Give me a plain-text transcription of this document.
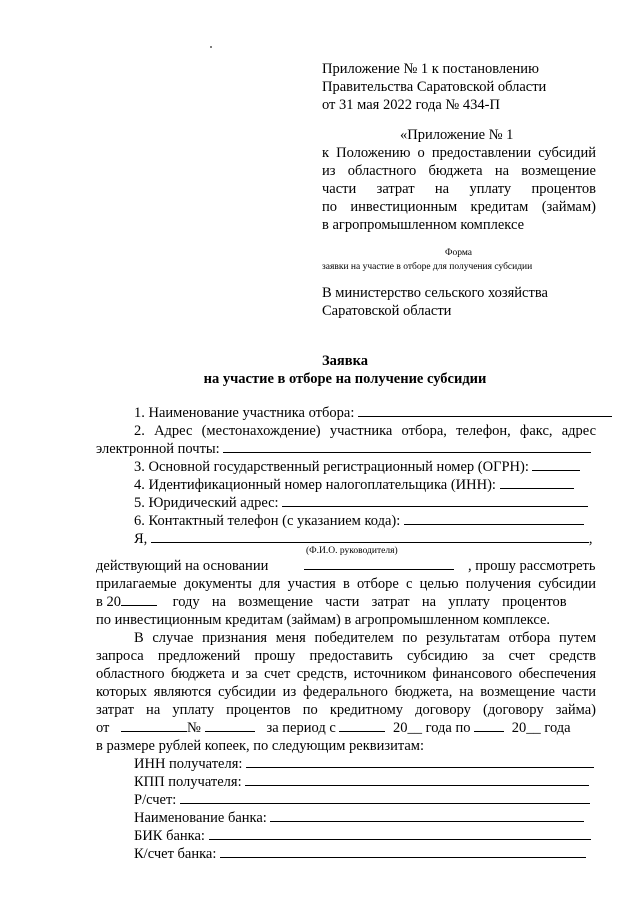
Приложение № 1 к постановлению
Правительства Саратовской области
от 31 мая 2022 года № 434-П
«Приложение № 1
к Положению о предоставлении субсидий
из областного бюджета на возмещение
части затрат на уплату процентов
по инвестиционным кредитам (займам)
в агропромышленном комплексе
Форма
заявки на участие в отборе для получения субсидии
В министерство сельского хозяйства
Саратовской области
Заявка
на участие в отборе на получение субсидии
1. Наименование участника отбора:
2. Адрес (местонахождение) участника отбора, телефон, факс, адрес
электронной почты:
3. Основной государственный регистрационный номер (ОГРН):
4. Идентификационный номер налогоплательщика (ИНН):
5. Юридический адрес:
6. Контактный телефон (с указанием кода):
Я,	,
(Ф.И.О. руководителя)
действующий на основании	, прошу рассмотреть
прилагаемые документы для участия в отборе с целью получения субсидии
в 20	году на возмещение части затрат на уплату процентов
по инвестиционным кредитам (займам) в агропромышленном комплексе.
В случае признания меня победителем по результатам отбора путем
запроса предложений прошу предоставить субсидию за счет средств
областного бюджета и за счет средств, источником финансового обеспечения
которых являются субсидии из федерального бюджета, на возмещение части
затрат на уплату процентов по кредитному договору (договору займа)
от	№	за период с	20__ года по	20__ года
в размере рублей копеек, по следующим реквизитам:
ИНН получателя:
КПП получателя:
Р/счет:
Наименование банка:
БИК банка:
К/счет банка:
